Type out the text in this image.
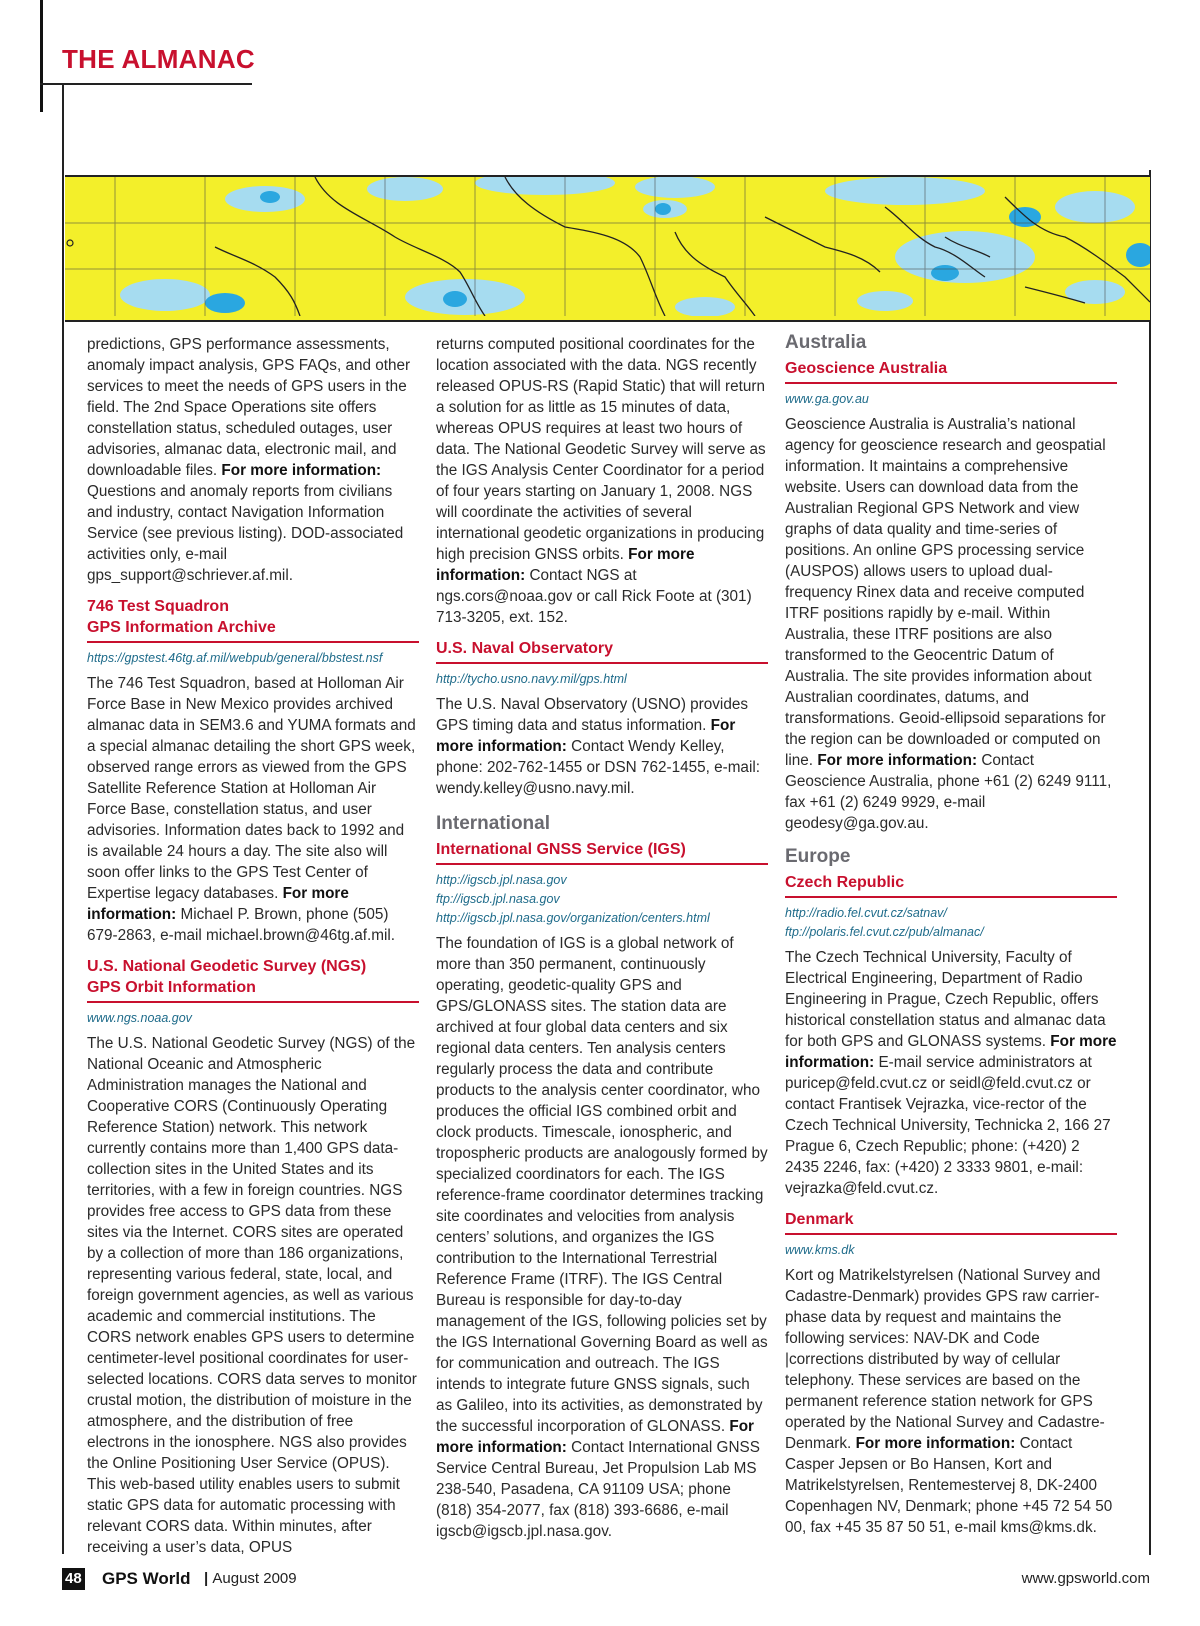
THE ALMANAC

predictions, GPS performance assessments, anomaly impact analysis, GPS FAQs, and other services to meet the needs of GPS users in the field. The 2nd Space Operations site offers constellation status, scheduled outages, user advisories, almanac data, electronic mail, and downloadable files. For more information: Questions and anomaly reports from civilians and industry, contact Navigation Information Service (see previous listing). DOD-associated activities only, e-mail gps_support@schriever.af.mil.

746 Test Squadron
GPS Information Archive
https://gpstest.46tg.af.mil/webpub/general/bbstest.nsf

The 746 Test Squadron, based at Holloman Air Force Base in New Mexico provides archived almanac data in SEM3.6 and YUMA formats and a special almanac detailing the short GPS week, observed range errors as viewed from the GPS Satellite Reference Station at Holloman Air Force Base, constellation status, and user advisories. Information dates back to 1992 and is available 24 hours a day. The site also will soon offer links to the GPS Test Center of Expertise legacy databases. For more information: Michael P. Brown, phone (505) 679-2863, e-mail michael.brown@46tg.af.mil.

U.S. National Geodetic Survey (NGS)
GPS Orbit Information
www.ngs.noaa.gov

The U.S. National Geodetic Survey (NGS) of the National Oceanic and Atmospheric Administration manages the National and Cooperative CORS (Continuously Operating Reference Station) network. This network currently contains more than 1,400 GPS data-collection sites in the United States and its territories, with a few in foreign countries. NGS provides free access to GPS data from these sites via the Internet. CORS sites are operated by a collection of more than 186 organizations, representing various federal, state, local, and foreign government agencies, as well as various academic and commercial institutions. The CORS network enables GPS users to determine centimeter-level positional coordinates for user-selected locations. CORS data serves to monitor crustal motion, the distribution of moisture in the atmosphere, and the distribution of free electrons in the ionosphere. NGS also provides the Online Positioning User Service (OPUS). This web-based utility enables users to submit static GPS data for automatic processing with relevant CORS data. Within minutes, after receiving a user’s data, OPUS

returns computed positional coordinates for the location associated with the data. NGS recently released OPUS-RS (Rapid Static) that will return a solution for as little as 15 minutes of data, whereas OPUS requires at least two hours of data. The National Geodetic Survey will serve as the IGS Analysis Center Coordinator for a period of four years starting on January 1, 2008. NGS will coordinate the activities of several international geodetic organizations in producing high precision GNSS orbits. For more information: Contact NGS at ngs.cors@noaa.gov or call Rick Foote at (301) 713-3205, ext. 152.

U.S. Naval Observatory
http://tycho.usno.navy.mil/gps.html

The U.S. Naval Observatory (USNO) provides GPS timing data and status information. For more information: Contact Wendy Kelley, phone: 202-762-1455 or DSN 762-1455, e-mail: wendy.kelley@usno.navy.mil.

International
International GNSS Service (IGS)
http://igscb.jpl.nasa.gov
ftp://igscb.jpl.nasa.gov
http://igscb.jpl.nasa.gov/organization/centers.html

The foundation of IGS is a global network of more than 350 permanent, continuously operating, geodetic-quality GPS and GPS/GLONASS sites. The station data are archived at four global data centers and six regional data centers. Ten analysis centers regularly process the data and contribute products to the analysis center coordinator, who produces the official IGS combined orbit and clock products. Timescale, ionospheric, and tropospheric products are analogously formed by specialized coordinators for each. The IGS reference-frame coordinator determines tracking site coordinates and velocities from analysis centers’ solutions, and organizes the IGS contribution to the International Terrestrial Reference Frame (ITRF). The IGS Central Bureau is responsible for day-to-day management of the IGS, following policies set by the IGS International Governing Board as well as for communication and outreach. The IGS intends to integrate future GNSS signals, such as Galileo, into its activities, as demonstrated by the successful incorporation of GLONASS. For more information: Contact International GNSS Service Central Bureau, Jet Propulsion Lab MS 238-540, Pasadena, CA 91109 USA; phone (818) 354-2077, fax (818) 393-6686, e-mail igscb@igscb.jpl.nasa.gov.

Australia
Geoscience Australia
www.ga.gov.au

Geoscience Australia is Australia’s national agency for geoscience research and geospatial information. It maintains a comprehensive website. Users can download data from the Australian Regional GPS Network and view graphs of data quality and time-series of positions. An online GPS processing service (AUSPOS) allows users to upload dual-frequency Rinex data and receive computed ITRF positions rapidly by e-mail. Within Australia, these ITRF positions are also transformed to the Geocentric Datum of Australia. The site provides information about Australian coordinates, datums, and transformations. Geoid-ellipsoid separations for the region can be downloaded or computed on line. For more information: Contact Geoscience Australia, phone +61 (2) 6249 9111, fax +61 (2) 6249 9929, e-mail geodesy@ga.gov.au.

Europe
Czech Republic
http://radio.fel.cvut.cz/satnav/
ftp://polaris.fel.cvut.cz/pub/almanac/

The Czech Technical University, Faculty of Electrical Engineering, Department of Radio Engineering in Prague, Czech Republic, offers historical constellation status and almanac data for both GPS and GLONASS systems. For more information: E-mail service administrators at puricep@feld.cvut.cz or seidl@feld.cvut.cz or contact Frantisek Vejrazka, vice-rector of the Czech Technical University, Technicka 2, 166 27 Prague 6, Czech Republic; phone: (+420) 2 2435 2246, fax: (+420) 2 3333 9801, e-mail: vejrazka@feld.cvut.cz.

Denmark
www.kms.dk

Kort og Matrikelstyrelsen (National Survey and Cadastre-Denmark) provides GPS raw carrier-phase data by request and maintains the following services: NAV-DK and Code |corrections distributed by way of cellular telephony. These services are based on the permanent reference station network for GPS operated by the National Survey and Cadastre-Denmark. For more information: Contact Casper Jepsen or Bo Hansen, Kort and Matrikelstyrelsen, Rentemestervej 8, DK-2400 Copenhagen NV, Denmark; phone +45 72 54 50 00, fax +45 35 87 50 51, e-mail kms@kms.dk.

48 GPS World
|	August 2009	www.gpsworld.com
